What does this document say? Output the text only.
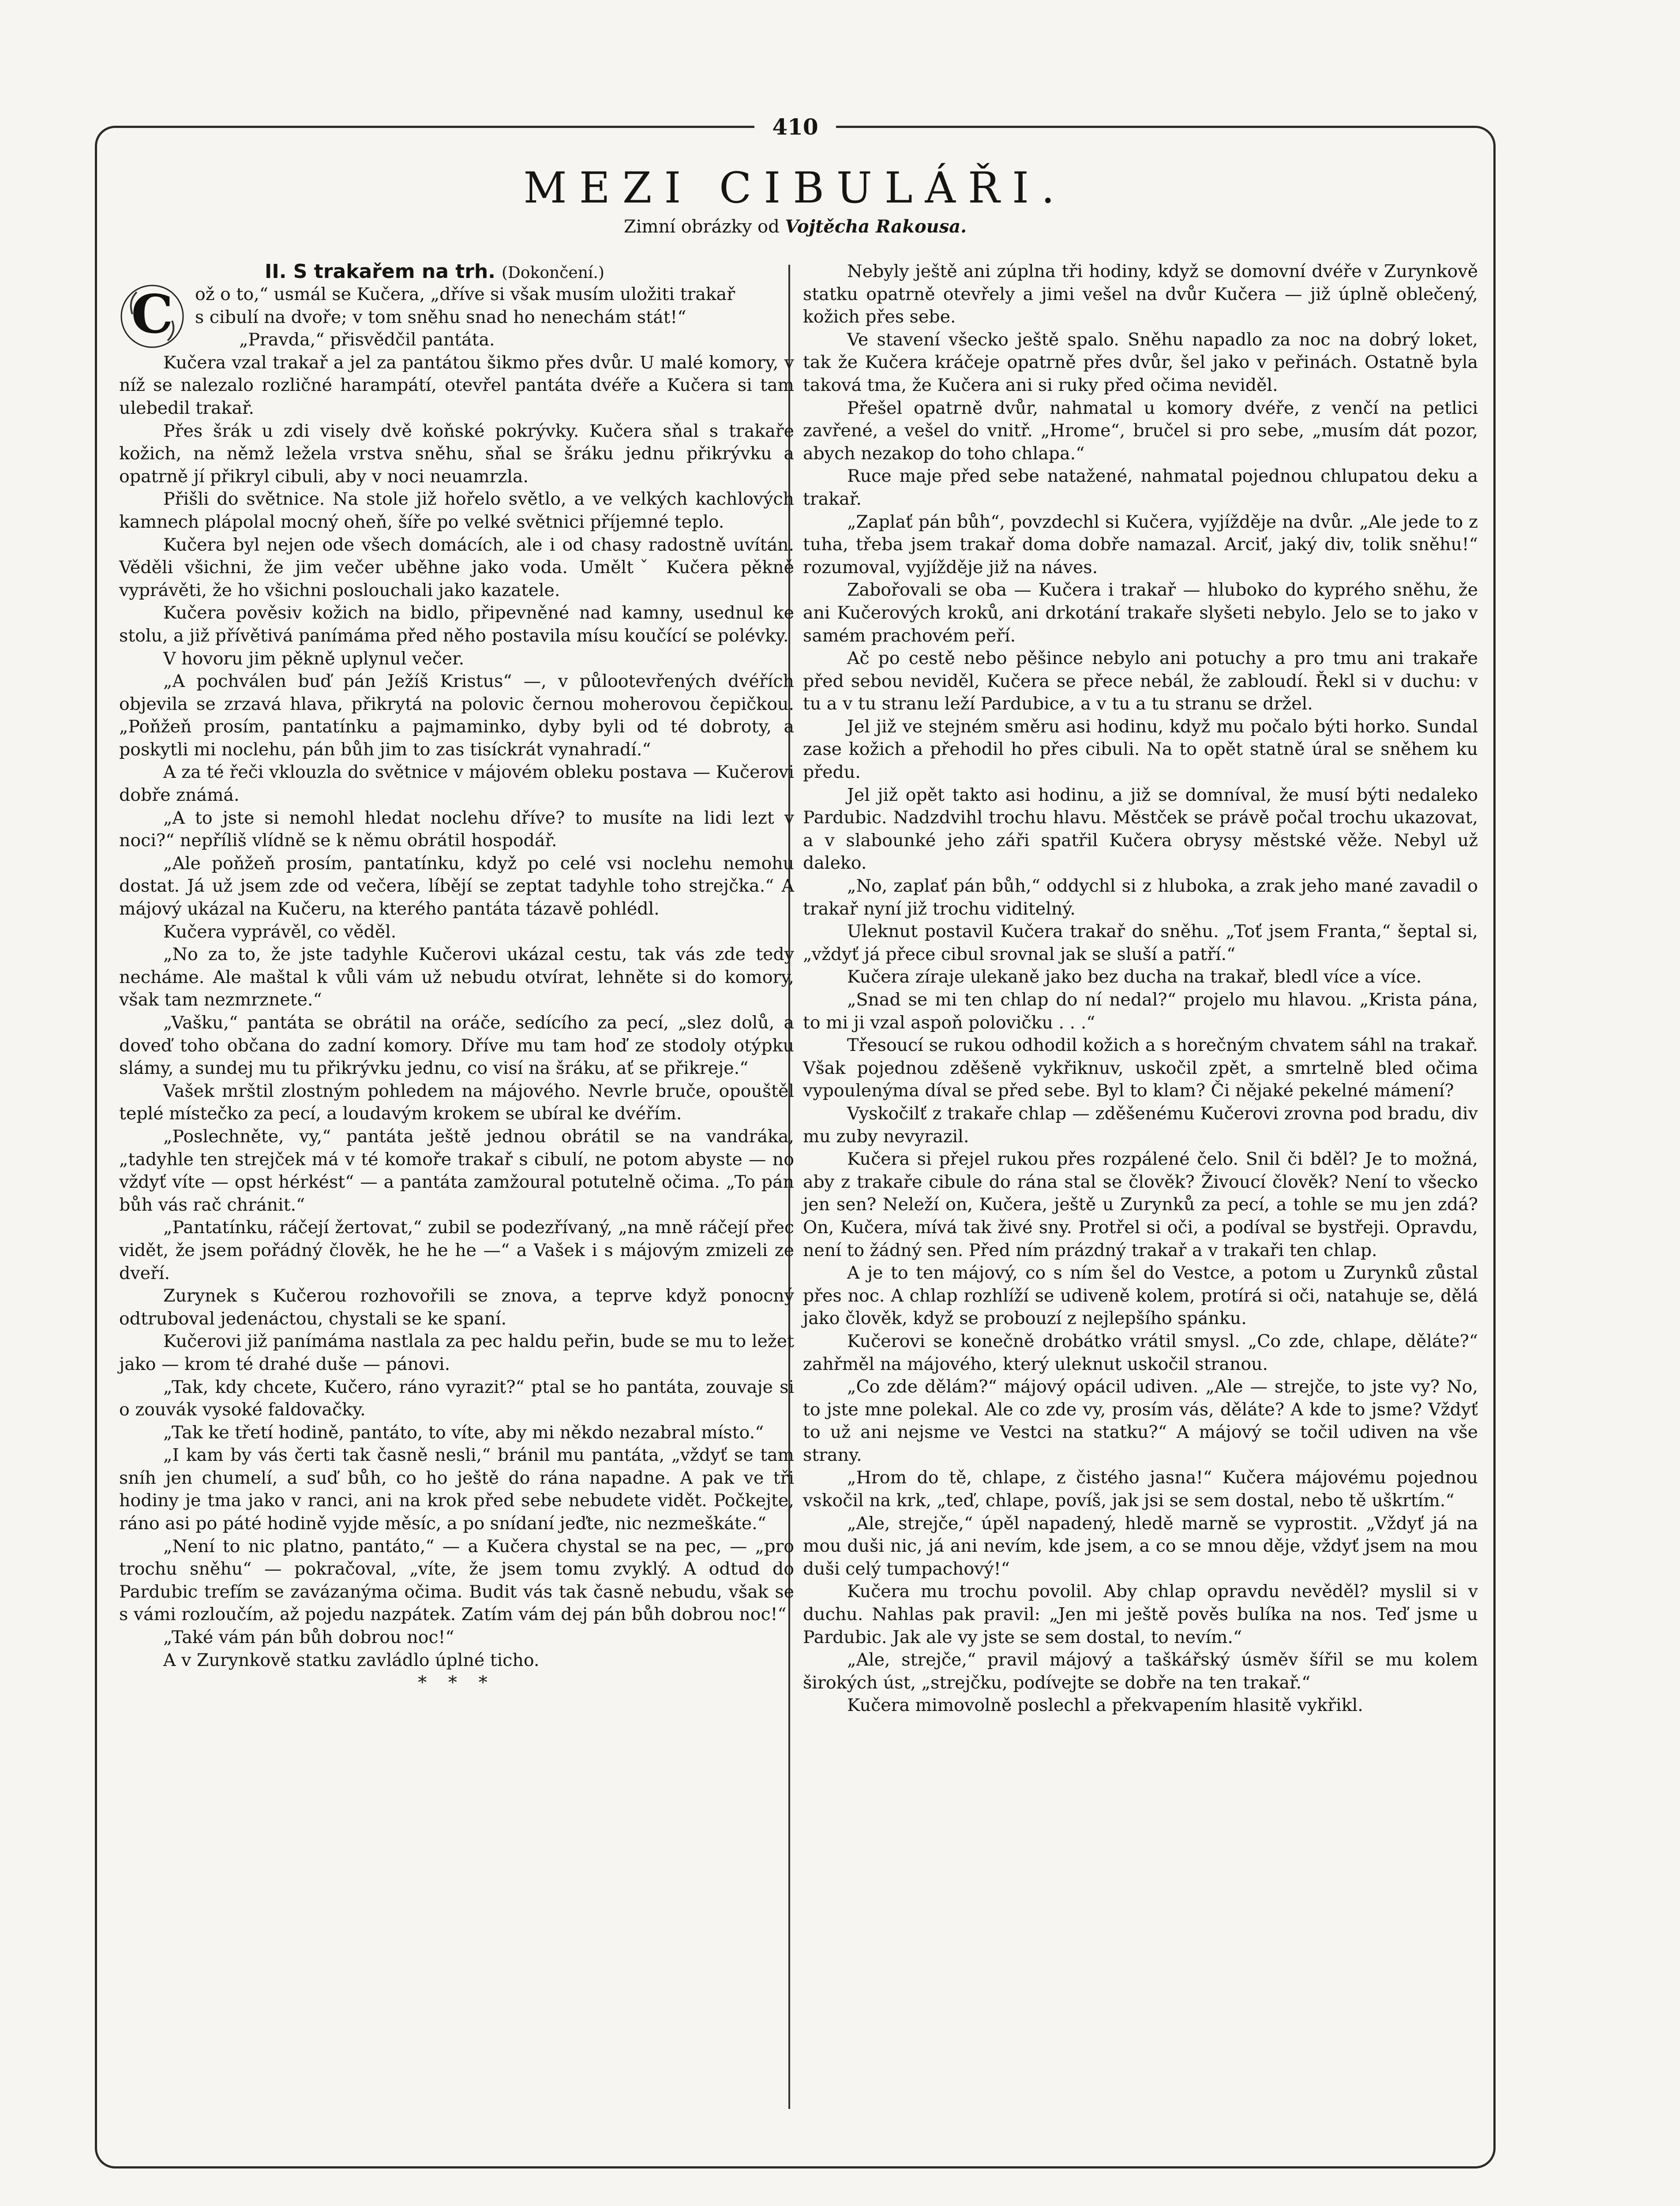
410
MEZI CIBULÁŘI.
Zimní obrázky od Vojtěcha Rakousa.
II. S trakařem na trh. (Dokončení.)
C	ož o to,“ usmál se Kučera, „dříve si však musím uložiti trakař
s cibulí na dvoře; v tom sněhu snad ho nenechám stát!“

„Pravda,“ přisvědčil pantáta.

Kučera vzal trakař a jel za pantátou šikmo přes dvůr. U malé komory, v níž se nalezalo rozličné harampátí, otevřel pantáta dvéře a Kučera si tam ulebedil trakař.

Přes šrák u zdi visely dvě koňské pokrývky. Kučera sňal s trakaře kožich, na němž ležela vrstva sněhu, sňal se šráku jednu přikrývku a opatrně jí přikryl cibuli, aby v noci neuamrzla.

Přišli do světnice. Na stole již hořelo světlo, a ve velkých kachlových kamnech plápolal mocný oheň, šíře po velké světnici příjemné teplo.

Kučera byl nejen ode všech domácích, ale i od chasy radostně uvítán. Věděli všichni, že jim večer uběhne jako voda. Uměltˇ Kučera pěkně vyprávěti, že ho všichni poslouchali jako kazatele.

Kučera pověsiv kožich na bidlo, připevněné nad kamny, usednul ke stolu, a již přívětivá panímáma před něho postavila mísu koučící se polévky.

V hovoru jim pěkně uplynul večer.

„A pochválen buď pán Ježíš Kristus“ —, v půlootevřených dvéřích objevila se zrzavá hlava, přikrytá na polovic černou moherovou čepičkou. „Poňžeň prosím, pantatínku a pajmaminko, dyby byli od té dobroty, a poskytli mi noclehu, pán bůh jim to zas tisíckrát vynahradí.“

A za té řeči vklouzla do světnice v májovém obleku postava — Kučerovi dobře známá.

„A to jste si nemohl hledat noclehu dříve? to musíte na lidi lezt v noci?“ nepříliš vlídně se k němu obrátil hospodář.

„Ale poňžeň prosím, pantatínku, když po celé vsi noclehu nemohu dostat. Já už jsem zde od večera, líbějí se zeptat tadyhle toho strejčka.“ A májový ukázal na Kučeru, na kterého pantáta tázavě pohlédl.

Kučera vyprávěl, co věděl.

„No za to, že jste tadyhle Kučerovi ukázal cestu, tak vás zde tedy necháme. Ale maštal k vůli vám už nebudu otvírat, lehněte si do komory, však tam nezmrznete.“

„Vašku,“ pantáta se obrátil na oráče, sedícího za pecí, „slez dolů, a doveď toho občana do zadní komory. Dříve mu tam hoď ze stodoly otýpku slámy, a sundej mu tu přikrývku jednu, co visí na šráku, ať se přikreje.“

Vašek mrštil zlostným pohledem na májového. Nevrle bruče, opouštěl teplé místečko za pecí, a loudavým krokem se ubíral ke dvéřím.

„Poslechněte, vy,“ pantáta ještě jednou obrátil se na vandráka, „tadyhle ten strejček má v té komoře trakař s cibulí, ne potom abyste — no vždyť víte — opst hérkést“ — a pantáta zamžoural potutelně očima. „To pán bůh vás rač chránit.“

„Pantatínku, ráčejí žertovat,“ zubil se podezřívaný, „na mně ráčejí přec vidět, že jsem pořádný člověk, he he he —“ a Vašek i s májovým zmizeli ze dveří.

Zurynek s Kučerou rozhovořili se znova, a teprve když ponocný odtruboval jedenáctou, chystali se ke spaní.

Kučerovi již panímáma nastlala za pec haldu peřin, bude se mu to ležet jako — krom té drahé duše — pánovi.

„Tak, kdy chcete, Kučero, ráno vyrazit?“ ptal se ho pantáta, zouvaje si o zouvák vysoké faldovačky.

„Tak ke třetí hodině, pantáto, to víte, aby mi někdo nezabral místo.“

„I kam by vás čerti tak časně nesli,“ bránil mu pantáta, „vždyť se tam sníh jen chumelí, a suď bůh, co ho ještě do rána napadne. A pak ve tři hodiny je tma jako v ranci, ani na krok před sebe nebudete vidět. Počkejte, ráno asi po páté hodině vyjde měsíc, a po snídaní jeďte, nic nezmeškáte.“

„Není to nic platno, pantáto,“ — a Kučera chystal se na pec, — „pro trochu sněhu“ — pokračoval, „víte, že jsem tomu zvyklý. A odtud do Pardubic trefím se zavázanýma očima. Budit vás tak časně nebudu, však se s vámi rozloučím, až pojedu nazpátek. Zatím vám dej pán bůh dobrou noc!“

„Také vám pán bůh dobrou noc!“

A v Zurynkově statku zavládlo úplné ticho.

* * *

Nebyly ještě ani zúplna tři hodiny, když se domovní dvéře v Zurynkově statku opatrně otevřely a jimi vešel na dvůr Kučera — již úplně oblečený, kožich přes sebe.

Ve stavení všecko ještě spalo. Sněhu napadlo za noc na dobrý loket, tak že Kučera kráčeje opatrně přes dvůr, šel jako v peřinách. Ostatně byla taková tma, že Kučera ani si ruky před očima neviděl.

Přešel opatrně dvůr, nahmatal u komory dvéře, z venčí na petlici zavřené, a vešel do vnitř. „Hrome“, bručel si pro sebe, „musím dát pozor, abych nezakop do toho chlapa.“

Ruce maje před sebe natažené, nahmatal pojednou chlupatou deku a trakař.

„Zaplať pán bůh“, povzdechl si Kučera, vyjížděje na dvůr. „Ale jede to z tuha, třeba jsem trakař doma dobře namazal. Arciť, jaký div, tolik sněhu!“ rozumoval, vyjížděje již na náves.

Zabořovali se oba — Kučera i trakař — hluboko do kyprého sněhu, že ani Kučerových kroků, ani drkotání trakaře slyšeti nebylo. Jelo se to jako v samém prachovém peří.

Ač po cestě nebo pěšince nebylo ani potuchy a pro tmu ani trakaře před sebou neviděl, Kučera se přece nebál, že zabloudí. Řekl si v duchu: v tu a v tu stranu leží Pardubice, a v tu a tu stranu se držel.

Jel již ve stejném směru asi hodinu, když mu počalo býti horko. Sundal zase kožich a přehodil ho přes cibuli. Na to opět statně úral se sněhem ku předu.

Jel již opět takto asi hodinu, a již se domníval, že musí býti nedaleko Pardubic. Nadzdvihl trochu hlavu. Městček se právě počal trochu ukazovat, a v slabounké jeho záři spatřil Kučera obrysy městské věže. Nebyl už daleko.

„No, zaplať pán bůh,“ oddychl si z hluboka, a zrak jeho mané zavadil o trakař nyní již trochu viditelný.

Uleknut postavil Kučera trakař do sněhu. „Toť jsem Franta,“ šeptal si, „vždyť já přece cibul srovnal jak se sluší a patří.“

Kučera zíraje ulekaně jako bez ducha na trakař, bledl více a více.

„Snad se mi ten chlap do ní nedal?“ projelo mu hlavou. „Krista pána, to mi ji vzal aspoň polovičku . . .“

Třesoucí se rukou odhodil kožich a s horečným chvatem sáhl na trakař. Však pojednou zděšeně vykřiknuv, uskočil zpět, a smrtelně bled očima vypoulenýma díval se před sebe. Byl to klam? Či nějaké pekelné mámení?

Vyskočilť z trakaře chlap — zděšenému Kučerovi zrovna pod bradu, div mu zuby nevyrazil.

Kučera si přejel rukou přes rozpálené čelo. Snil či bděl? Je to možná, aby z trakaře cibule do rána stal se člověk? Živoucí člověk? Není to všecko jen sen? Neleží on, Kučera, ještě u Zurynků za pecí, a tohle se mu jen zdá? On, Kučera, mívá tak živé sny. Protřel si oči, a podíval se bystřeji. Opravdu, není to žádný sen. Před ním prázdný trakař a v trakaři ten chlap.

A je to ten májový, co s ním šel do Vestce, a potom u Zurynků zůstal přes noc. A chlap rozhlíží se udiveně kolem, protírá si oči, natahuje se, dělá jako člověk, když se probouzí z nejlepšího spánku.

Kučerovi se konečně drobátko vrátil smysl. „Co zde, chlape, děláte?“ zahřměl na májového, který uleknut uskočil stranou.

„Co zde dělám?“ májový opácil udiven. „Ale — strejče, to jste vy? No, to jste mne polekal. Ale co zde vy, prosím vás, děláte? A kde to jsme? Vždyť to už ani nejsme ve Vestci na statku?“ A májový se točil udiven na vše strany.

„Hrom do tě, chlape, z čistého jasna!“ Kučera májovému pojednou vskočil na krk, „teď, chlape, povíš, jak jsi se sem dostal, nebo tě uškrtím.“

„Ale, strejče,“ úpěl napadený, hledě marně se vyprostit. „Vždyť já na mou duši nic, já ani nevím, kde jsem, a co se mnou děje, vždyť jsem na mou duši celý tumpachový!“

Kučera mu trochu povolil. Aby chlap opravdu nevěděl? myslil si v duchu. Nahlas pak pravil: „Jen mi ještě pověs bulíka na nos. Teď jsme u Pardubic. Jak ale vy jste se sem dostal, to nevím.“

„Ale, strejče,“ pravil májový a taškářský úsměv šířil se mu kolem širokých úst, „strejčku, podívejte se dobře na ten trakař.“

Kučera mimovolně poslechl a překvapením hlasitě vykřikl.
